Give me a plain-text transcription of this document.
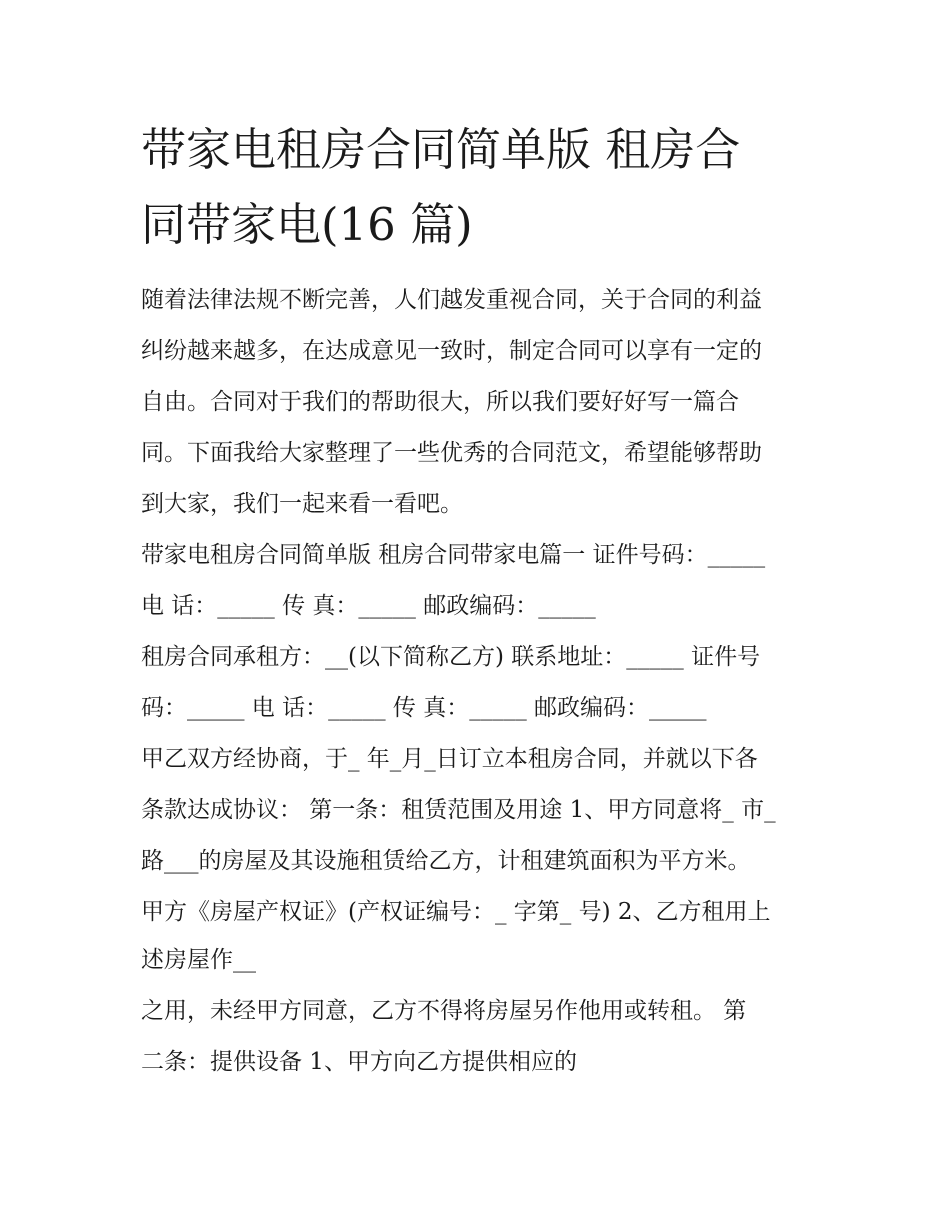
带家电租房合同简单版 租房合
同带家电(16 篇)

随着法律法规不断完善，人们越发重视合同，关于合同的利益

纠纷越来越多，在达成意见一致时，制定合同可以享有一定的

自由。合同对于我们的帮助很大，所以我们要好好写一篇合

同。下面我给大家整理了一些优秀的合同范文，希望能够帮助

到大家，我们一起来看一看吧。

带家电租房合同简单版 租房合同带家电篇一 证件号码：_____

电 话：_____ 传 真：_____ 邮政编码：_____

租房合同承租方：__(以下简称乙方) 联系地址：_____ 证件号

码：_____ 电 话：_____ 传 真：_____ 邮政编码：_____

甲乙双方经协商，于_ 年_月_日订立本租房合同，并就以下各

条款达成协议： 第一条：租赁范围及用途 1、甲方同意将_ 市_

路___的房屋及其设施租赁给乙方，计租建筑面积为平方米。

甲方《房屋产权证》(产权证编号：_ 字第_ 号) 2、乙方租用上

述房屋作__

之用，未经甲方同意，乙方不得将房屋另作他用或转租。 第

二条：提供设备 1、甲方向乙方提供相应的
